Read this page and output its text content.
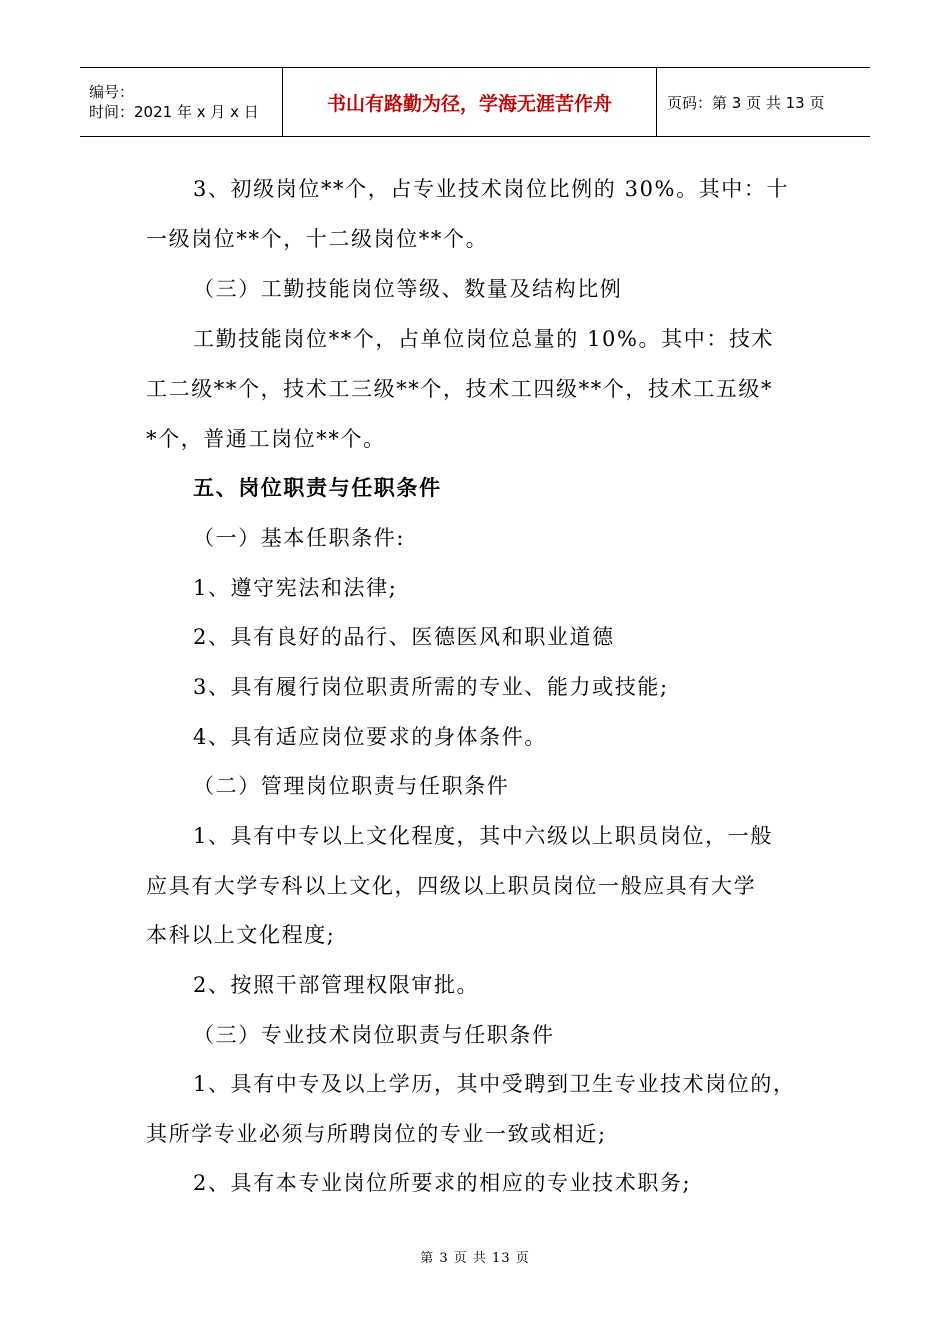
编号：
时间：2021 年 x 月 x 日	书山有路勤为径，学海无涯苦作舟	页码：第 3 页 共 13 页
3、初级岗位**个，占专业技术岗位比例的 30%。其中：十
一级岗位**个，十二级岗位**个。
（三）工勤技能岗位等级、数量及结构比例
工勤技能岗位**个，占单位岗位总量的 10%。其中：技术
工二级**个，技术工三级**个，技术工四级**个，技术工五级*
*个，普通工岗位**个。
五、岗位职责与任职条件
（一）基本任职条件:
1、遵守宪法和法律;
2、具有良好的品行、医德医风和职业道德
3、具有履行岗位职责所需的专业、能力或技能;
4、具有适应岗位要求的身体条件。
（二）管理岗位职责与任职条件
1、具有中专以上文化程度，其中六级以上职员岗位，一般
应具有大学专科以上文化，四级以上职员岗位一般应具有大学
本科以上文化程度;
2、按照干部管理权限审批。
（三）专业技术岗位职责与任职条件
1、具有中专及以上学历，其中受聘到卫生专业技术岗位的，
其所学专业必须与所聘岗位的专业一致或相近;
2、具有本专业岗位所要求的相应的专业技术职务;
第 3 页 共 13 页
